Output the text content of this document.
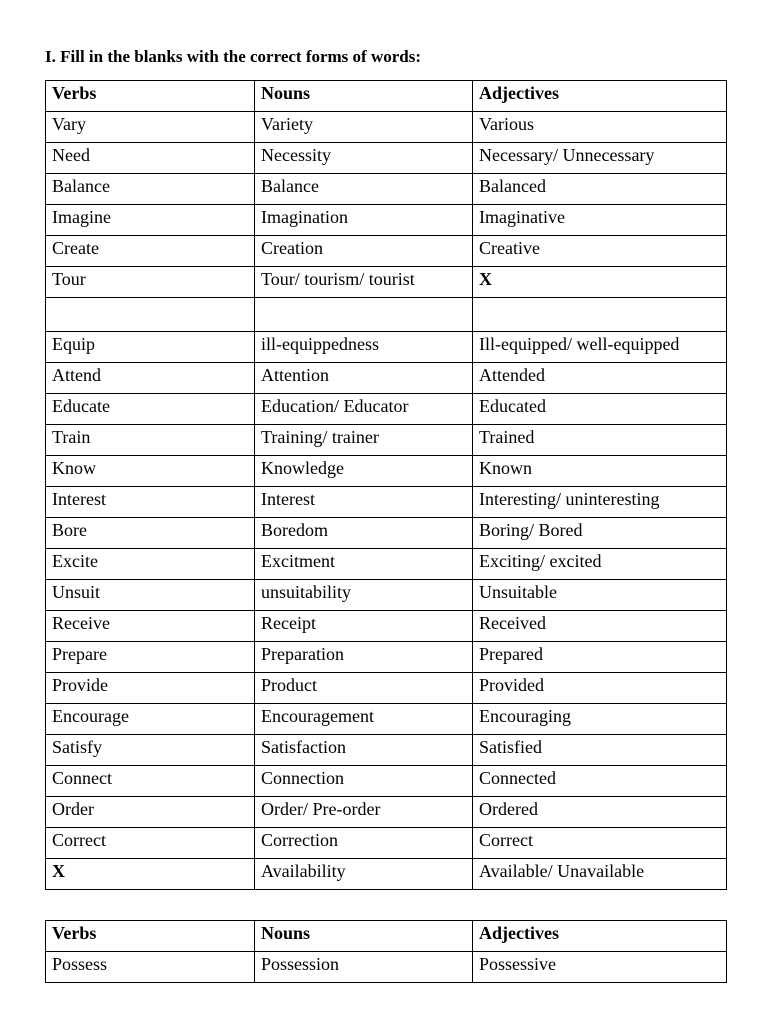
I. Fill in the blanks with the correct forms of words:
Verbs	Nouns	Adjectives
Vary	Variety	Various
Need	Necessity	Necessary/ Unnecessary
Balance	Balance	Balanced
Imagine	Imagination	Imaginative
Create	Creation	Creative
Tour	Tour/ tourism/ tourist	X

Equip	ill-equippedness	Ill-equipped/ well-equipped
Attend	Attention	Attended
Educate	Education/ Educator	Educated
Train	Training/ trainer	Trained
Know	Knowledge	Known
Interest	Interest	Interesting/ uninteresting
Bore	Boredom	Boring/ Bored
Excite	Excitment	Exciting/ excited
Unsuit	unsuitability	Unsuitable
Receive	Receipt	Received
Prepare	Preparation	Prepared
Provide	Product	Provided
Encourage	Encouragement	Encouraging
Satisfy	Satisfaction	Satisfied
Connect	Connection	Connected
Order	Order/ Pre-order	Ordered
Correct	Correction	Correct
X	Availability	Available/ Unavailable
Verbs	Nouns	Adjectives
Possess	Possession	Possessive
